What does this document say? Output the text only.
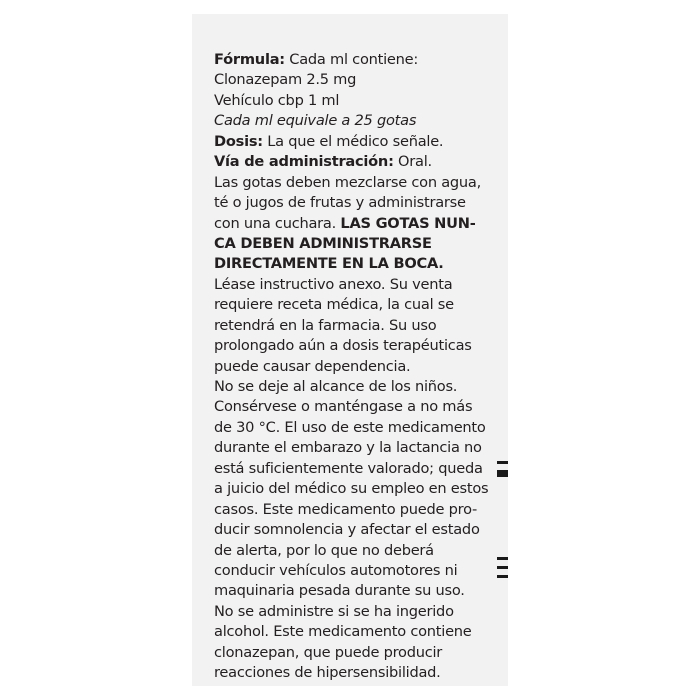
Fórmula: Cada ml contiene:
Clonazepam 2.5 mg
Vehículo cbp 1 ml
Cada ml equivale a 25 gotas
Dosis: La que el médico señale.
Vía de administración: Oral.
Las gotas deben mezclarse con agua,
té o jugos de frutas y administrarse
con una cuchara. LAS GOTAS NUN-
CA DEBEN ADMINISTRARSE
DIRECTAMENTE EN LA BOCA.
Léase instructivo anexo. Su venta
requiere receta médica, la cual se
retendrá en la farmacia. Su uso
prolongado aún a dosis terapéuticas
puede causar dependencia.
No se deje al alcance de los niños.
Consérvese o manténgase a no más
de 30 °C. El uso de este medicamento
durante el embarazo y la lactancia no
está suficientemente valorado; queda
a juicio del médico su empleo en estos
casos. Este medicamento puede pro-
ducir somnolencia y afectar el estado
de alerta, por lo que no deberá
conducir vehículos automotores ni
maquinaria pesada durante su uso.
No se administre si se ha ingerido
alcohol. Este medicamento contiene
clonazepan, que puede producir
reacciones de hipersensibilidad.
